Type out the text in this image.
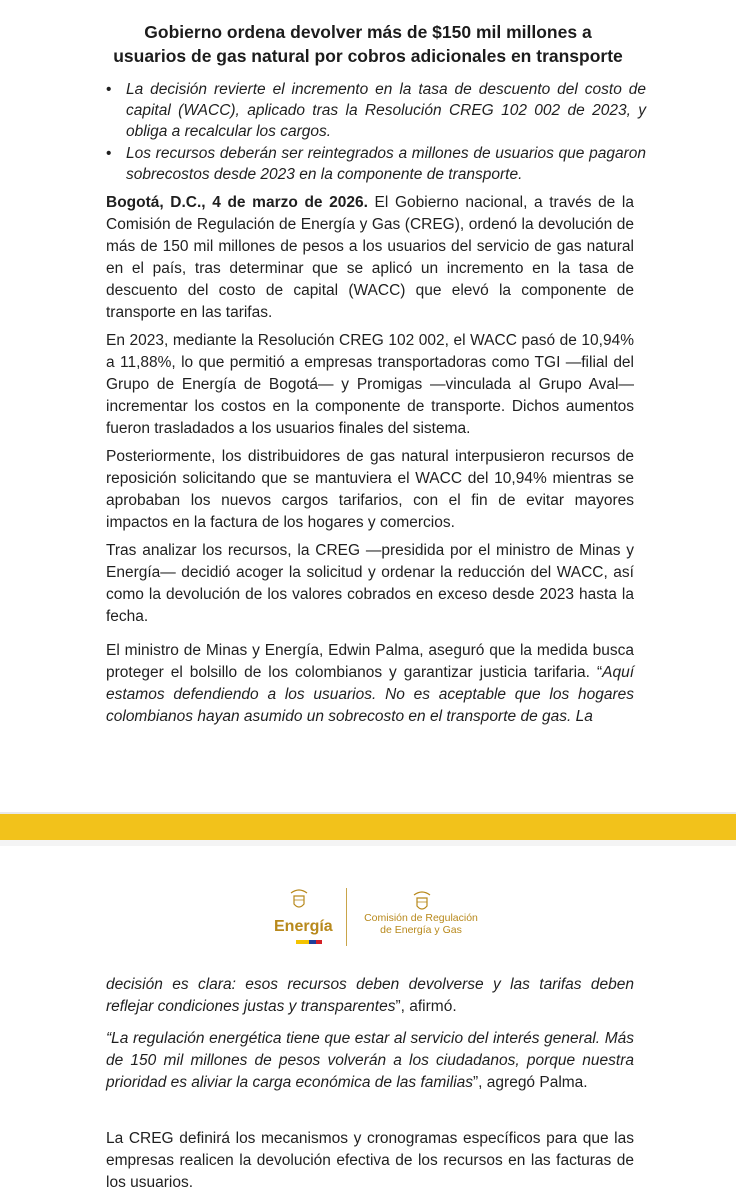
Gobierno ordena devolver más de $150 mil millones a
usuarios de gas natural por cobros adicionales en transporte
• La decisión revierte el incremento en la tasa de descuento del costo de capital (WACC), aplicado tras la Resolución CREG 102 002 de 2023, y obliga a recalcular los cargos.
• Los recursos deberán ser reintegrados a millones de usuarios que pagaron sobrecostos desde 2023 en la componente de transporte.

Bogotá, D.C., 4 de marzo de 2026. El Gobierno nacional, a través de la Comisión de Regulación de Energía y Gas (CREG), ordenó la devolución de más de 150 mil millones de pesos a los usuarios del servicio de gas natural en el país, tras determinar que se aplicó un incremento en la tasa de descuento del costo de capital (WACC) que elevó la componente de transporte en las tarifas.

En 2023, mediante la Resolución CREG 102 002, el WACC pasó de 10,94% a 11,88%, lo que permitió a empresas transportadoras como TGI —filial del Grupo de Energía de Bogotá— y Promigas —vinculada al Grupo Aval— incrementar los costos en la componente de transporte. Dichos aumentos fueron trasladados a los usuarios finales del sistema.

Posteriormente, los distribuidores de gas natural interpusieron recursos de reposición solicitando que se mantuviera el WACC del 10,94% mientras se aprobaban los nuevos cargos tarifarios, con el fin de evitar mayores impactos en la factura de los hogares y comercios.

Tras analizar los recursos, la CREG —presidida por el ministro de Minas y Energía— decidió acoger la solicitud y ordenar la reducción del WACC, así como la devolución de los valores cobrados en exceso desde 2023 hasta la fecha.

El ministro de Minas y Energía, Edwin Palma, aseguró que la medida busca proteger el bolsillo de los colombianos y garantizar justicia tarifaria. “Aquí estamos defendiendo a los usuarios. No es aceptable que los hogares colombianos hayan asumido un sobrecosto en el transporte de gas. La

Energía	Comisión de Regulación
de Energía y Gas

decisión es clara: esos recursos deben devolverse y las tarifas deben reflejar condiciones justas y transparentes”, afirmó.

“La regulación energética tiene que estar al servicio del interés general. Más de 150 mil millones de pesos volverán a los ciudadanos, porque nuestra prioridad es aliviar la carga económica de las familias”, agregó Palma.

La CREG definirá los mecanismos y cronogramas específicos para que las empresas realicen la devolución efectiva de los recursos en las facturas de los usuarios.
